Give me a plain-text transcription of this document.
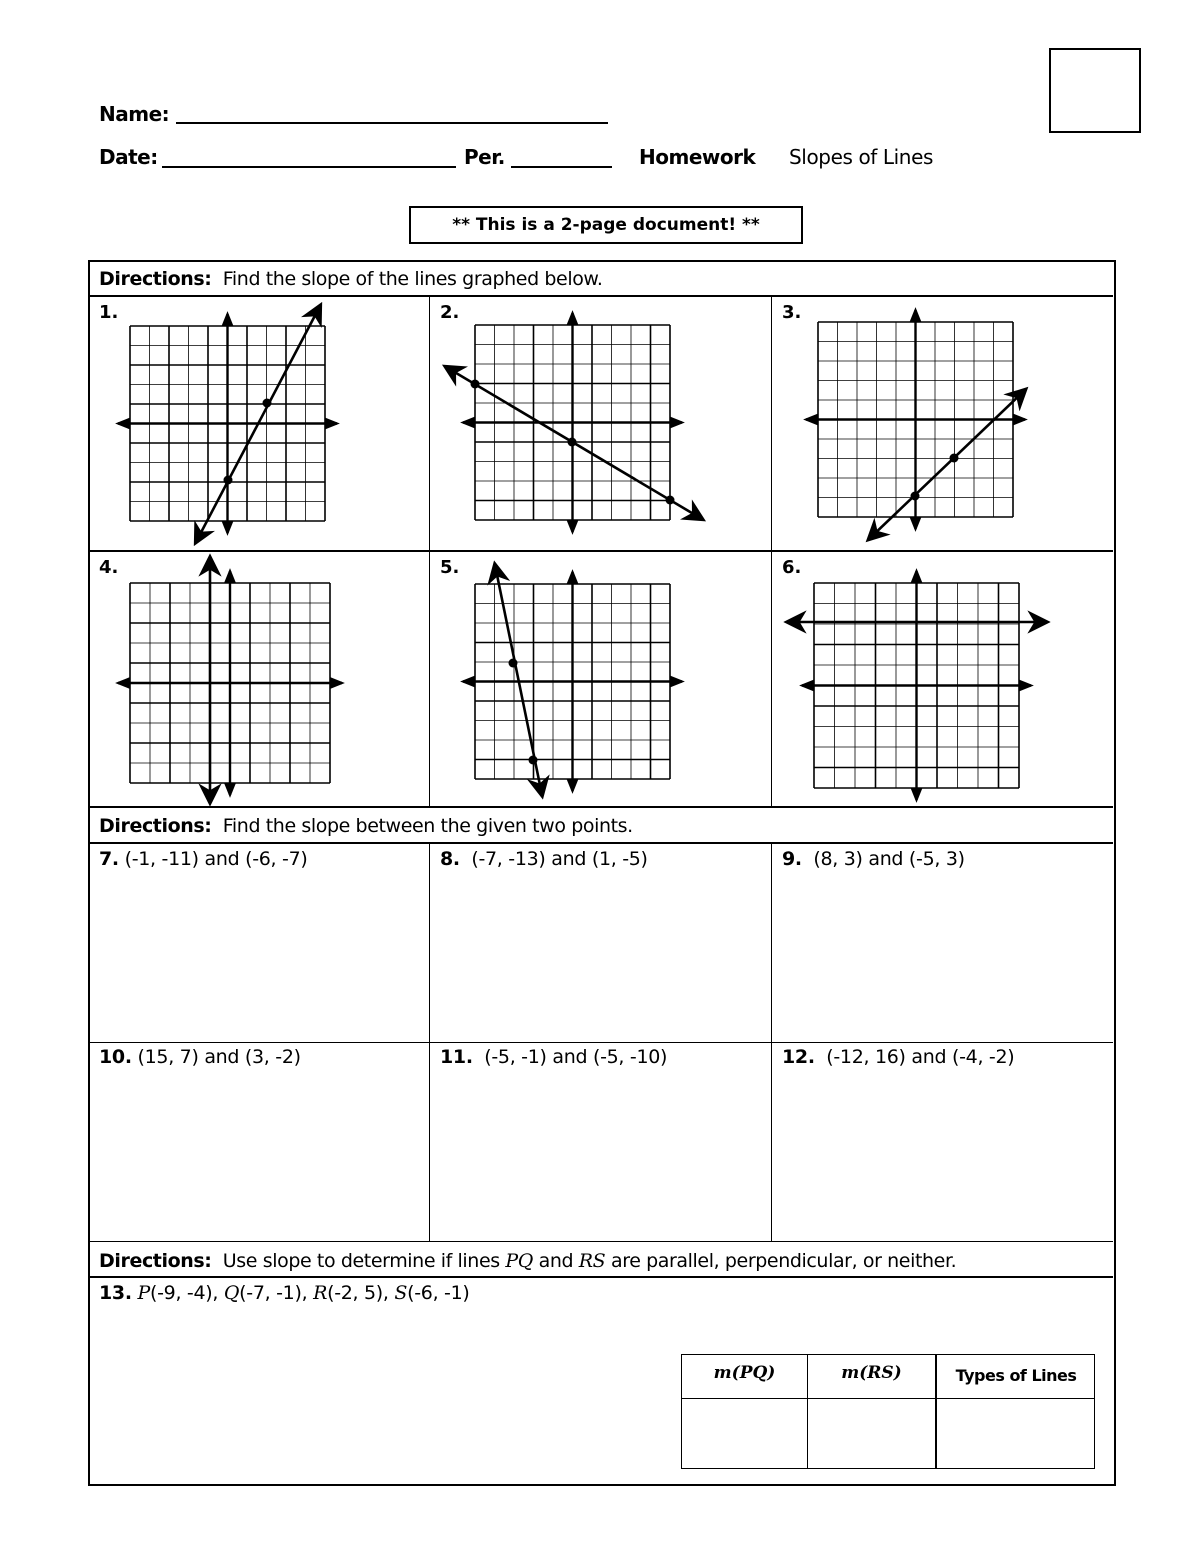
Name:
Date:	Per.	Homework Slopes of Lines
** This is a 2-page document! **
Directions: Find the slope of the lines graphed below.
1.	2.	3.
4.	5.	6.
Directions: Find the slope between the given two points.
7. (-1, -11) and (-6, -7)	8. (-7, -13) and (1, -5)	9. (8, 3) and (-5, 3)
10. (15, 7) and (3, -2)	11. (-5, -1) and (-5, -10)	12. (-12, 16) and (-4, -2)
Directions: Use slope to determine if lines PQ and RS are parallel, perpendicular, or neither.
13. P(-9, -4), Q(-7, -1), R(-2, 5), S(-6, -1)
m(PQ)	m(RS)	Types of Lines
